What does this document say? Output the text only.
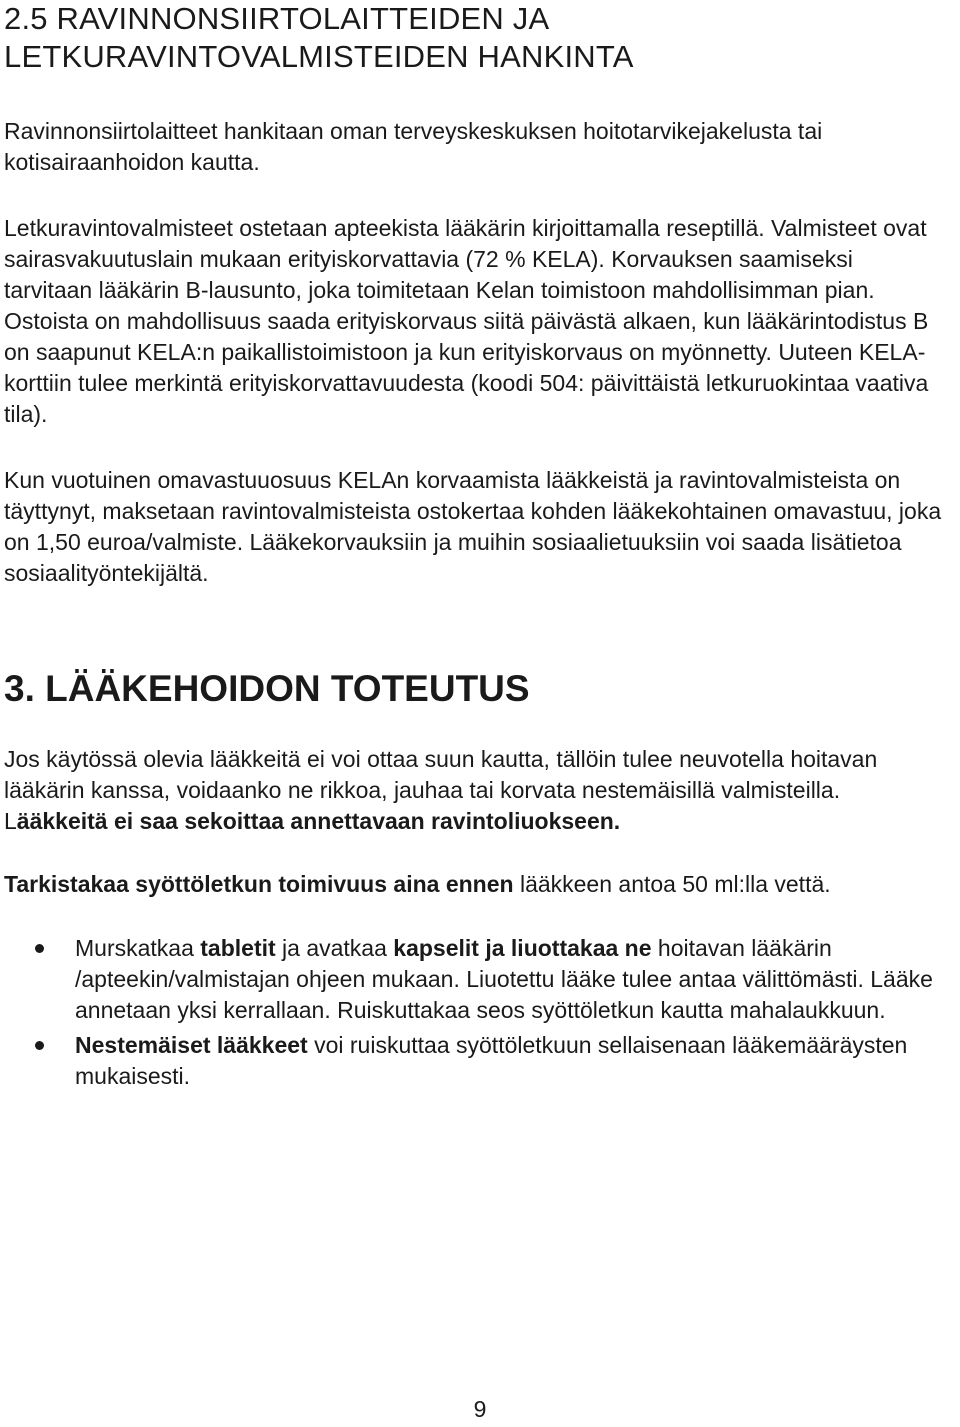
2.5 RAVINNONSIIRTOLAITTEIDEN JA
LETKURAVINTOVALMISTEIDEN HANKINTA

Ravinnonsiirtolaitteet hankitaan oman terveyskeskuksen hoitotarvikejakelusta tai kotisairaanhoidon kautta.

Letkuravintovalmisteet ostetaan apteekista lääkärin kirjoittamalla reseptillä. Valmisteet ovat sairasvakuutuslain mukaan erityiskorvattavia (72 % KELA). Korvauksen saamiseksi tarvitaan lääkärin B-lausunto, joka toimitetaan Kelan toimistoon mahdollisimman pian. Ostoista on mahdollisuus saada erityiskorvaus siitä päivästä alkaen, kun lääkärintodistus B on saapunut KELA:n paikallistoimistoon ja kun erityiskorvaus on myönnetty. Uuteen KELA-korttiin tulee merkintä erityiskorvattavuudesta (koodi 504: päivittäistä letkuruokintaa vaativa tila).

Kun vuotuinen omavastuuosuus KELAn korvaamista lääkkeistä ja ravintovalmisteista on täyttynyt, maksetaan ravintovalmisteista ostokertaa kohden lääkekohtainen omavastuu, joka on 1,50 euroa/valmiste. Lääkekorvauksiin ja muihin sosiaalietuuksiin voi saada lisätietoa sosiaalityöntekijältä.

3. LÄÄKEHOIDON TOTEUTUS

Jos käytössä olevia lääkkeitä ei voi ottaa suun kautta, tällöin tulee neuvotella hoitavan lääkärin kanssa, voidaanko ne rikkoa, jauhaa tai korvata nestemäisillä valmisteilla. Lääkkeitä ei saa sekoittaa annettavaan ravintoliuokseen.

Tarkistakaa syöttöletkun toimivuus aina ennen lääkkeen antoa 50 ml:lla vettä.

Murskatkaa tabletit ja avatkaa kapselit ja liuottakaa ne hoitavan lääkärin /apteekin/valmistajan ohjeen mukaan. Liuotettu lääke tulee antaa välittömästi. Lääke annetaan yksi kerrallaan. Ruiskuttakaa seos syöttöletkun kautta mahalaukkuun.
Nestemäiset lääkkeet voi ruiskuttaa syöttöletkuun sellaisenaan lääkemääräysten mukaisesti.
9
